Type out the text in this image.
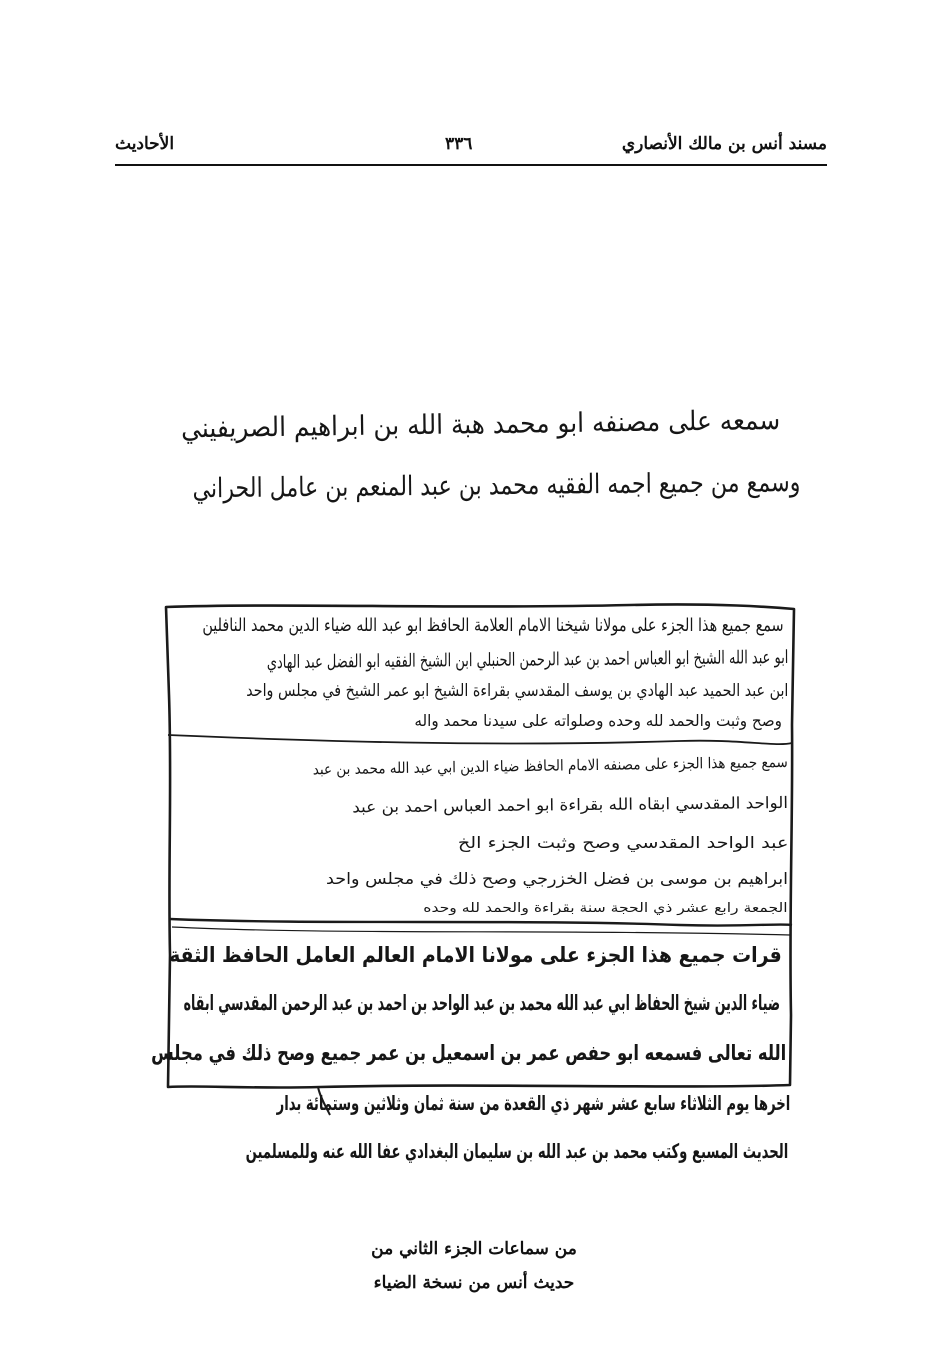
مسند أنس بن مالك الأنصاري
٣٣٦
الأحاديث
سمعه على مصنفه ابو محمد هبة الله بن ابراهيم الصريفيني
وسمع من جميع اجمه الفقيه محمد بن عبد المنعم بن عامل الحراني
سمع جميع هذا الجزء على مولانا شيخنا الامام العلامة الحافظ ابو عبد الله ضياء الدين محمد النافلين
ابو عبد الله الشيخ ابو العباس احمد بن عبد الرحمن الحنبلي ابن الشيخ الفقيه ابو الفضل عبد الهادي
ابن عبد الحميد عبد الهادي بن يوسف المقدسي بقراءة الشيخ ابو عمر الشيخ في مجلس واحد
وصح وثبت والحمد لله وحده وصلواته على سيدنا محمد واله
سمع جميع هذا الجزء على مصنفه الامام الحافظ ضياء الدين ابي عبد الله محمد بن عبد
الواحد المقدسي ابقاه الله بقراءة ابو احمد العباس احمد بن عبد
عبد الواحد المقدسي وصح وثبت الجزء الخ
ابراهيم بن موسى بن فضل الخزرجي وصح ذلك في مجلس واحد
الجمعة رابع عشر ذي الحجة سنة بقراءة والحمد لله وحده
قرات جميع هذا الجزء على مولانا الامام العالم العامل الحافظ الثقة
ضياء الدين شيخ الحفاظ ابي عبد الله محمد بن عبد الواحد بن احمد بن عبد الرحمن المقدسي ابقاه
الله تعالى فسمعه ابو حفص عمر بن اسمعيل بن عمر جميع وصح ذلك في مجلس
اخرها يوم الثلاثاء سابع عشر شهر ذي القعدة من سنة ثمان وثلاثين وستمائة بدار
الحديث المسبع وكتب محمد بن عبد الله بن سليمان البغدادي عفا الله عنه وللمسلمين
من سماعات الجزء الثاني من
حديث أنس من نسخة الضياء
